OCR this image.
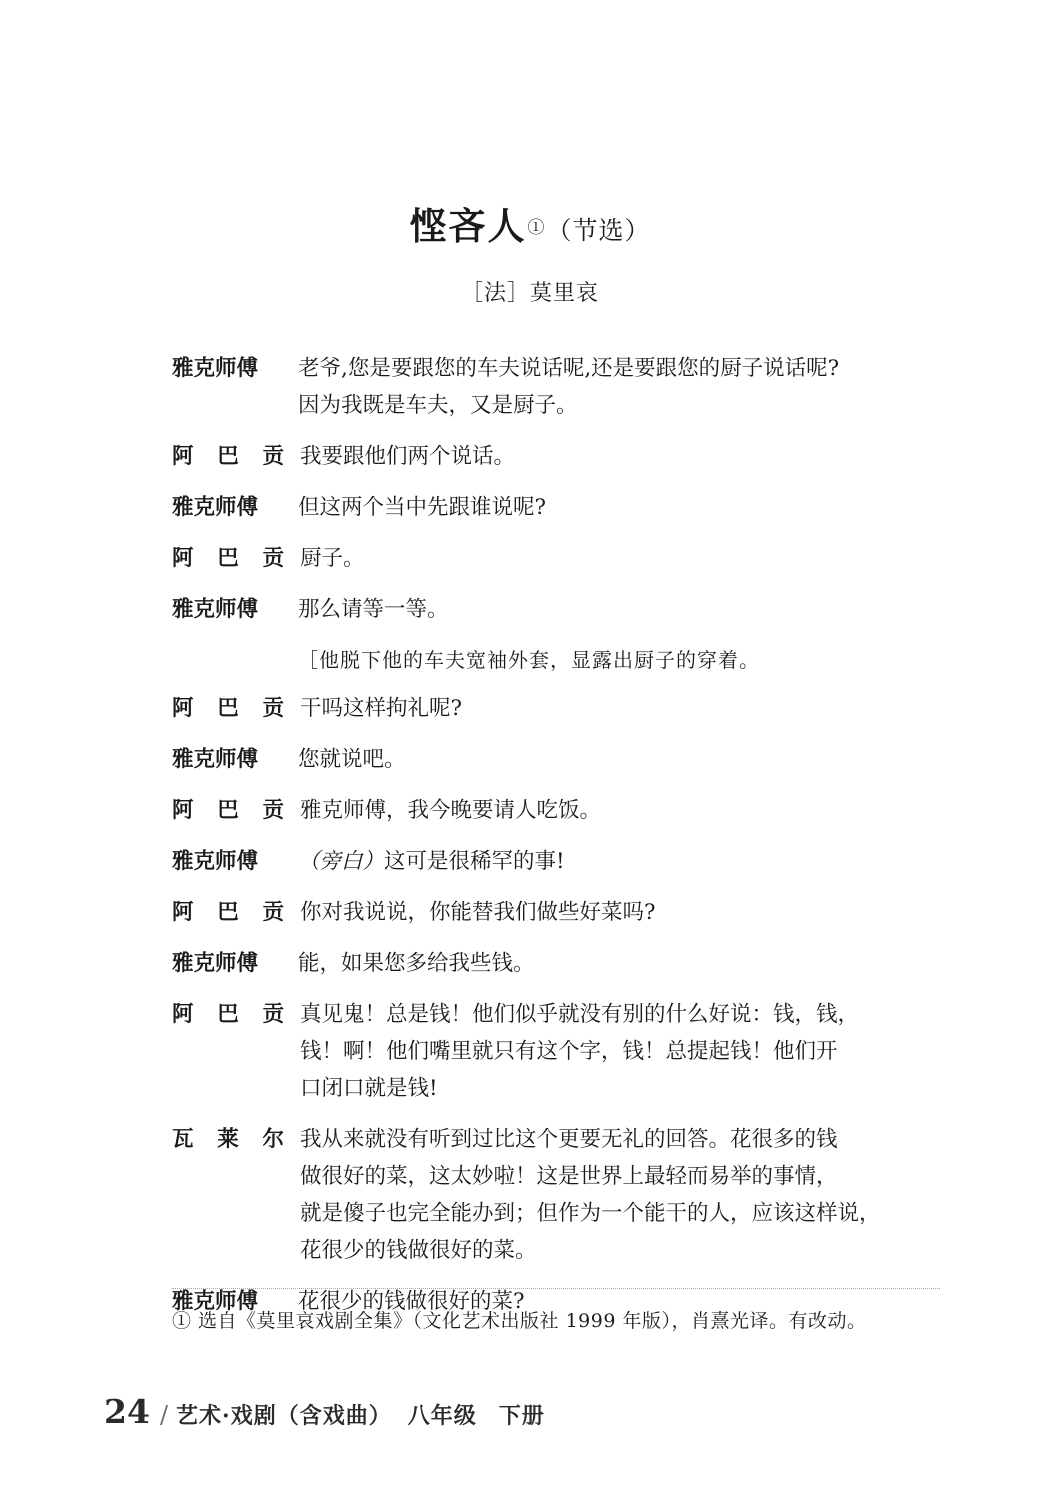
悭吝人①（节选）
［法］莫里哀
雅克师傅	老爷,您是要跟您的车夫说话呢,还是要跟您的厨子说话呢?
因为我既是车夫，又是厨子。
阿 巴 贡 我要跟他们两个说话。
雅克师傅	但这两个当中先跟谁说呢?
阿 巴 贡 厨子。
雅克师傅	那么请等一等。
［他脱下他的车夫宽袖外套，显露出厨子的穿着。
阿 巴 贡 干吗这样拘礼呢?
雅克师傅	您就说吧。
阿 巴 贡 雅克师傅，我今晚要请人吃饭。
雅克师傅	（旁白）这可是很稀罕的事!
阿 巴 贡 你对我说说，你能替我们做些好菜吗?
雅克师傅	能，如果您多给我些钱。
阿 巴 贡 真见鬼！总是钱！他们似乎就没有别的什么好说：钱，钱，
钱！啊！他们嘴里就只有这个字，钱！总提起钱！他们开
口闭口就是钱!
瓦 莱 尔 我从来就没有听到过比这个更要无礼的回答。花很多的钱
做很好的菜，这太妙啦！这是世界上最轻而易举的事情，
就是傻子也完全能办到；但作为一个能干的人，应该这样说，
花很少的钱做很好的菜。
雅克师傅	花很少的钱做很好的菜?
① 选自《莫里哀戏剧全集》（文化艺术出版社 1999 年版），肖熹光译。有改动。
24 / 艺术·戏剧（含戏曲） 八年级 下册
